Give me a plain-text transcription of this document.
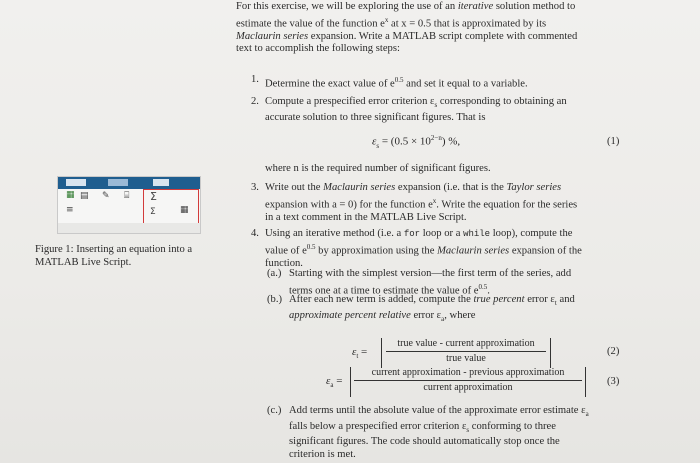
For this exercise, we will be exploring the use of an iterative solution method to
estimate the value of the function $e^x$ at x = 0.5 that is approximated by its
Maclaurin series expansion. Write a MATLAB script complete with commented
text to accomplish the following steps:
1. Determine the exact value of $e^{0.5}$ and set it equal to a variable.
2. Compute a prespecified error criterion $\varepsilon_s$ corresponding to obtaining an
accurate solution to three significant figures. That is
$\varepsilon_s = (0.5 \times 10^{2-n})$ %,	(1)
where n is the required number of significant figures.
▦ ▤ ✎ ⌸ Σ
≡	Σ	▦
Figure 1: Inserting an equation into a
MATLAB Live Script.
3. Write out the Maclaurin series expansion (i.e. that is the Taylor series
expansion with a = 0) for the function $e^x$. Write the equation for the series
in a text comment in the MATLAB Live Script.
4. Using an iterative method (i.e. a for loop or a while loop), compute the
value of $e^{0.5}$ by approximation using the Maclaurin series expansion of the
function.
(a.) Starting with the simplest version—the first term of the series, add
terms one at a time to estimate the value of $e^{0.5}$.
(b.) After each new term is added, compute the true percent error $\varepsilon_t$ and
approximate percent relative error $\varepsilon_a$, where
$\varepsilon_t$ =
true value - current approximation
true value
(2)
$\varepsilon_a$ =
current approximation - previous approximation
current approximation
(3)
(c.) Add terms until the absolute value of the approximate error estimate $\varepsilon_a$
falls below a prespecified error criterion $\varepsilon_s$ conforming to three
significant figures. The code should automatically stop once the
criterion is met.
